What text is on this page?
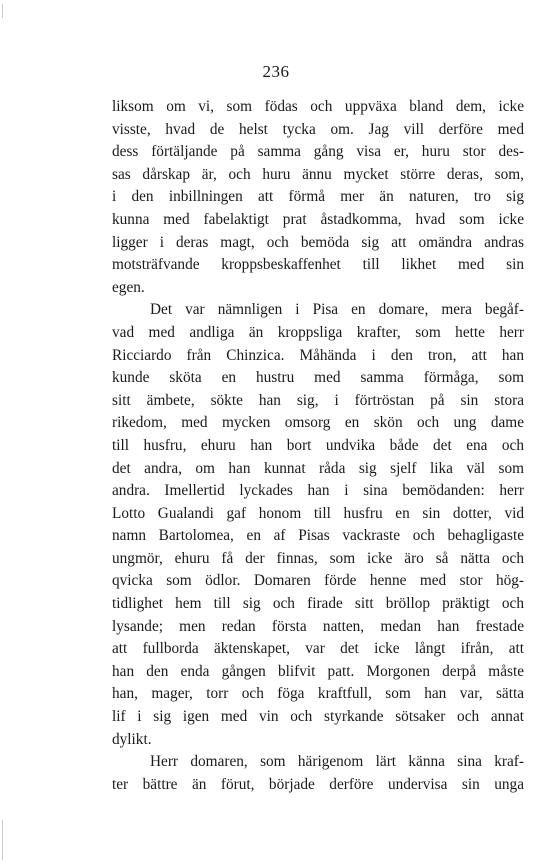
236
liksom om vi, som födas och uppväxa bland dem, icke
visste, hvad de helst tycka om. Jag vill derföre med
dess förtäljande på samma gång visa er, huru stor des-
sas dårskap är, och huru ännu mycket större deras, som,
i den inbillningen att förmå mer än naturen, tro sig
kunna med fabelaktigt prat åstadkomma, hvad som icke
ligger i deras magt, och bemöda sig att omändra andras
motsträfvande kroppsbeskaffenhet till likhet med sin
egen.
Det var nämnligen i Pisa en domare, mera begåf-
vad med andliga än kroppsliga krafter, som hette herr
Ricciardo från Chinzica. Måhända i den tron, att han
kunde sköta en hustru med samma förmåga, som
sitt ämbete, sökte han sig, i förtröstan på sin stora
rikedom, med mycken omsorg en skön och ung dame
till husfru, ehuru han bort undvika både det ena och
det andra, om han kunnat råda sig sjelf lika väl som
andra. Imellertid lyckades han i sina bemödanden: herr
Lotto Gualandi gaf honom till husfru en sin dotter, vid
namn Bartolomea, en af Pisas vackraste och behagligaste
ungmör, ehuru få der finnas, som icke äro så nätta och
qvicka som ödlor. Domaren förde henne med stor hög-
tidlighet hem till sig och firade sitt bröllop präktigt och
lysande; men redan första natten, medan han frestade
att fullborda äktenskapet, var det icke långt ifrån, att
han den enda gången blifvit patt. Morgonen derpå måste
han, mager, torr och föga kraftfull, som han var, sätta
lif i sig igen med vin och styrkande sötsaker och annat
dylikt.
Herr domaren, som härigenom lärt känna sina kraf-
ter bättre än förut, började derföre undervisa sin unga
